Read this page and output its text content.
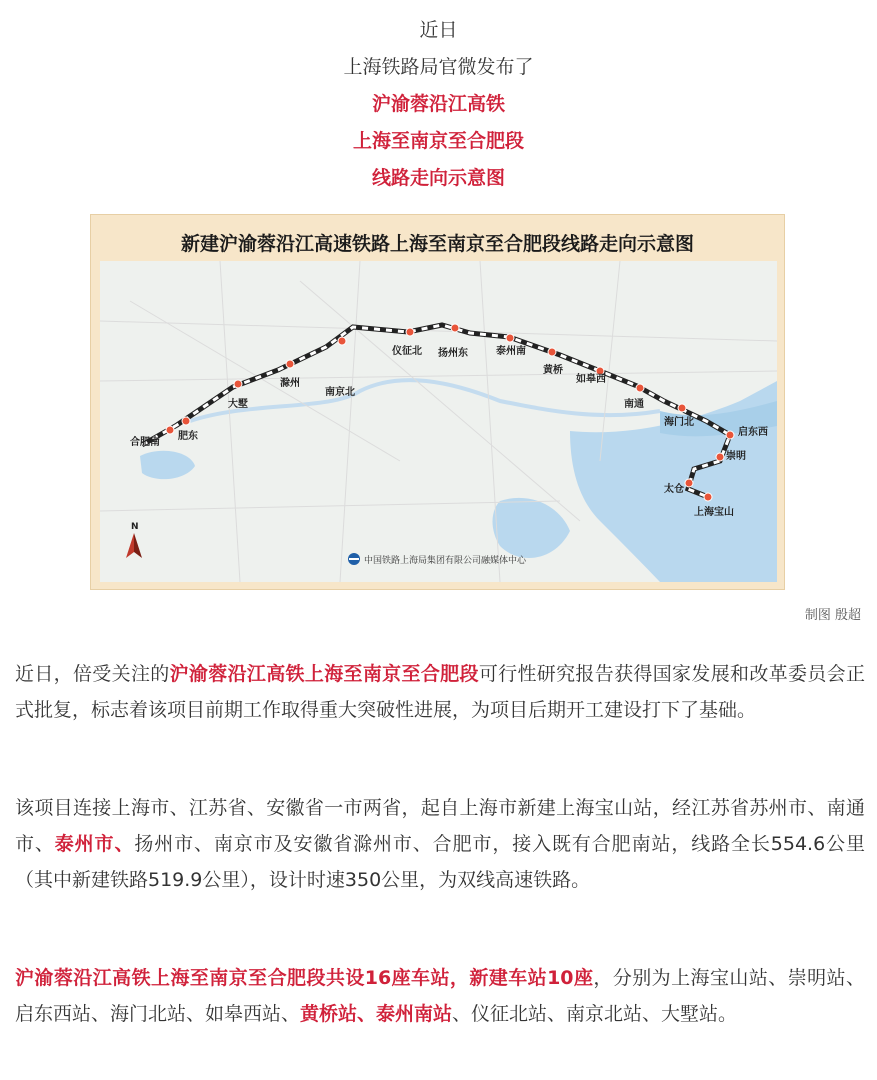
近日
上海铁路局官微发布了
沪渝蓉沿江高铁
上海至南京至合肥段
线路走向示意图
新建沪渝蓉沿江高速铁路上海至南京至合肥段线路走向示意图
合肥南
肥东
大墅
滁州
南京北
仪征北 扬州东	泰州南
黄桥
如皋西
南通
海门北
启东西
崇明
太仓
上海宝山
N
中国铁路上海局集团有限公司融媒体中心
制图 殷超
近日，倍受关注的沪渝蓉沿江高铁上海至南京至合肥段可行性研究报告获得国家发展和改革委员会正式批复，标志着该项目前期工作取得重大突破性进展，为项目后期开工建设打下了基础。
该项目连接上海市、江苏省、安徽省一市两省，起自上海市新建上海宝山站，经江苏省苏州市、南通市、泰州市、扬州市、南京市及安徽省滁州市、合肥市，接入既有合肥南站，线路全长554.6公里（其中新建铁路519.9公里），设计时速350公里，为双线高速铁路。
沪渝蓉沿江高铁上海至南京至合肥段共设16座车站，新建车站10座，分别为上海宝山站、崇明站、启东西站、海门北站、如皋西站、黄桥站、泰州南站、仪征北站、南京北站、大墅站。
